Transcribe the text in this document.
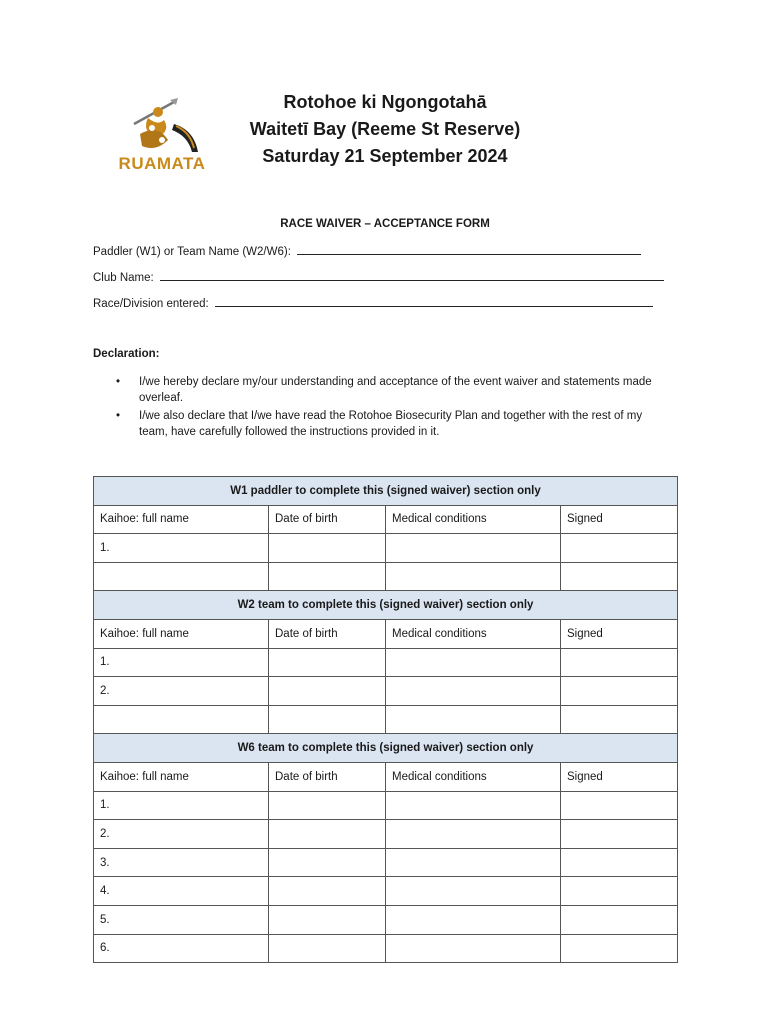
RUAMATA
Rotohoe ki Ngongotahā
Waitetī Bay (Reeme St Reserve)
Saturday 21 September 2024
RACE WAIVER – ACCEPTANCE FORM
Paddler (W1) or Team Name (W2/W6):
Club Name:
Race/Division entered:
Declaration:
• I/we hereby declare my/our understanding and acceptance of the event waiver and statements made overleaf.
• I/we also declare that I/we have read the Rotohoe Biosecurity Plan and together with the rest of my team, have carefully followed the instructions provided in it.
W1 paddler to complete this (signed waiver) section only			
Kaihoe: full name	Date of birth	Medical conditions	Signed
1.			

W2 team to complete this (signed waiver) section only			
Kaihoe: full name	Date of birth	Medical conditions	Signed
1.			
2.			

W6 team to complete this (signed waiver) section only			
Kaihoe: full name	Date of birth	Medical conditions	Signed
1.			
2.			
3.			
4.			
5.			
6.			
